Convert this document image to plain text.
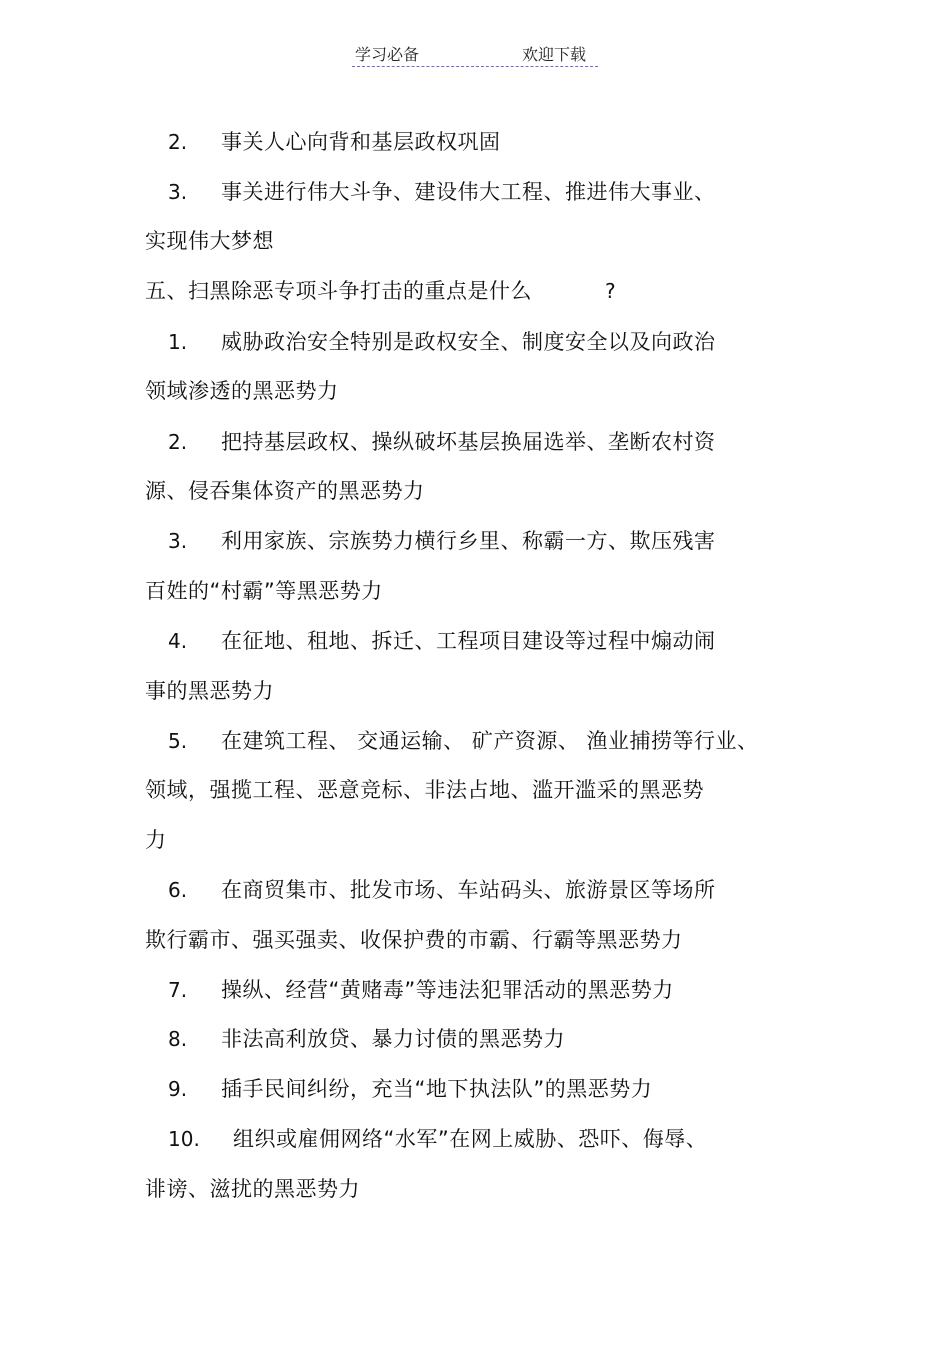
学习必备	欢迎下载
2. 事关人心向背和基层政权巩固
3. 事关进行伟大斗争、建设伟大工程、推进伟大事业、
实现伟大梦想
五、扫黑除恶专项斗争打击的重点是什么	?
1. 威胁政治安全特别是政权安全、制度安全以及向政治
领域渗透的黑恶势力
2. 把持基层政权、操纵破坏基层换届选举、垄断农村资
源、侵吞集体资产的黑恶势力
3. 利用家族、宗族势力横行乡里、称霸一方、欺压残害
百姓的“村霸”等黑恶势力
4. 在征地、租地、拆迁、工程项目建设等过程中煽动闹
事的黑恶势力
5. 在建筑工程、 交通运输、 矿产资源、 渔业捕捞等行业、
领域，强揽工程、恶意竞标、非法占地、滥开滥采的黑恶势
力
6. 在商贸集市、批发市场、车站码头、旅游景区等场所
欺行霸市、强买强卖、收保护费的市霸、行霸等黑恶势力
7. 操纵、经营“黄赌毒”等违法犯罪活动的黑恶势力
8. 非法高利放贷、暴力讨债的黑恶势力
9. 插手民间纠纷，充当“地下执法队”的黑恶势力
10. 组织或雇佣网络“水军”在网上威胁、恐吓、侮辱、
诽谤、滋扰的黑恶势力
